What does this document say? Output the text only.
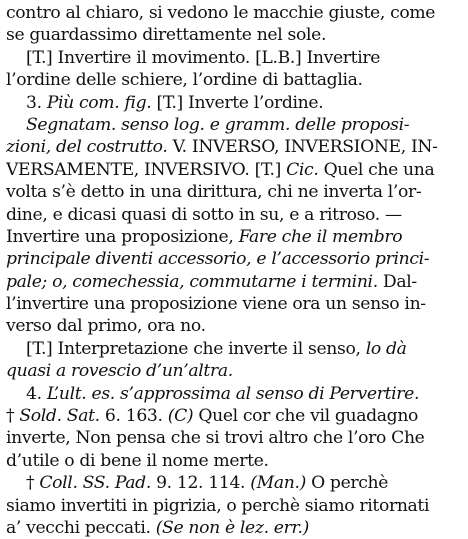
contro al chiaro, si vedono le macchie giuste, come
se guardassimo direttamente nel sole.
[T.] Invertire il movimento. [L.B.] Invertire
l’ordine delle schiere, l’ordine di battaglia.
3. Più com. fig. [T.] Inverte l’ordine.
Segnatam. senso log. e gramm. delle proposi-
zioni, del costrutto. V. INVERSO, INVERSIONE, IN-
VERSAMENTE, INVERSIVO. [T.] Cic. Quel che una
volta s’è detto in una dirittura, chi ne inverta l’or-
dine, e dicasi quasi di sotto in su, e a ritroso. —
Invertire una proposizione, Fare che il membro
principale diventi accessorio, e l’accessorio princi-
pale; o, comechessia, commutarne i termini. Dal-
l’invertire una proposizione viene ora un senso in-
verso dal primo, ora no.
[T.] Interpretazione che inverte il senso, lo dà
quasi a rovescio d’un’altra.
4. L’ult. es. s’approssima al senso di Pervertire.
† Sold. Sat. 6. 163. (C) Quel cor che vil guadagno
inverte, Non pensa che si trovi altro che l’oro Che
d’utile o di bene il nome merte.
† Coll. SS. Pad. 9. 12. 114. (Man.) O perchè
siamo invertiti in pigrizia, o perchè siamo ritornati
a’ vecchi peccati. (Se non è lez. err.)
